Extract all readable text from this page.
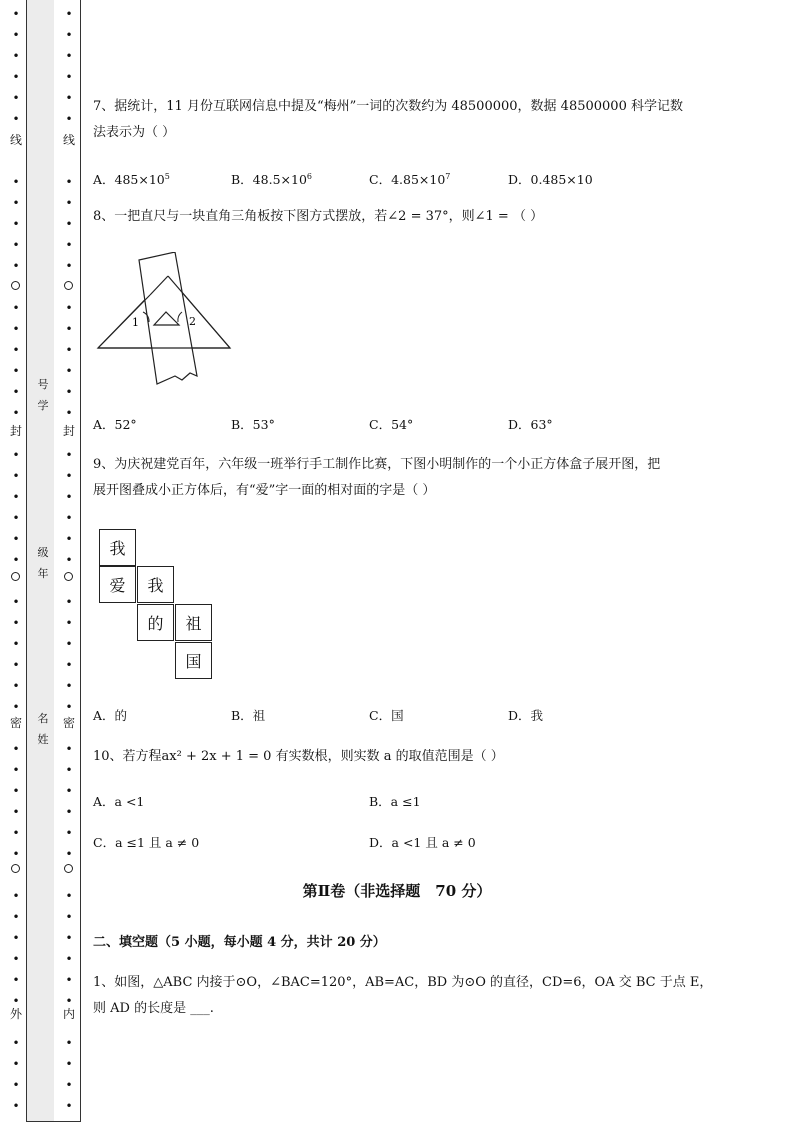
•
•
•
•
•
•
•
•
•
•
•
•
•
•
•
•
•
•
•
•
•
•
•
•
•
•
•
•
•
•
•
•
•
•
•
•
•
•
•
•
•
•
•
•
•
•
•
•
•
•
•
•
•
•
•
•
•
•
•
•
•
•
•
•
•
•
•
•
•
•
•
•
•
•
•
•
•
•
•
•
•
•
•
•
•
•
•
•
•
•
线
封
密
外
线
封
密
内
号
学
级
年
名
姓
7、据统计，11 月份互联网信息中提及“梅州”一词的次数约为 48500000，数据 48500000 科学记数
法表示为（ ）
A．$485\times 10^5$	B．$48.5\times 10^6$	C．$4.85\times 10^7$	D．0.485×10
8、一把直尺与一块直角三角板按下图方式摆放，若∠2 = 37°，则∠1 = （ ）
1	2
A．52°	B．53°	C．54°	D．63°
9、为庆祝建党百年，六年级一班举行手工制作比赛，下图小明制作的一个小正方体盒子展开图，把
展开图叠成小正方体后，有“爱”字一面的相对面的字是（ ）
我
爱	我
的	祖
国
A．的	B．祖	C．国	D．我
10、若方程ax² + 2x + 1 = 0 有实数根，则实数 a 的取值范围是（ ）
A．a <1	B．a ≤1
C．a ≤1 且 a ≠ 0	D．a <1 且 a ≠ 0
第Ⅱ卷（非选择题　70 分）
二、填空题（5 小题，每小题 4 分，共计 20 分）
1、如图，△ABC 内接于⊙O，∠BAC=120°，AB=AC，BD 为⊙O 的直径，CD=6，OA 交 BC 于点 E，
则 AD 的长度是 ___.
